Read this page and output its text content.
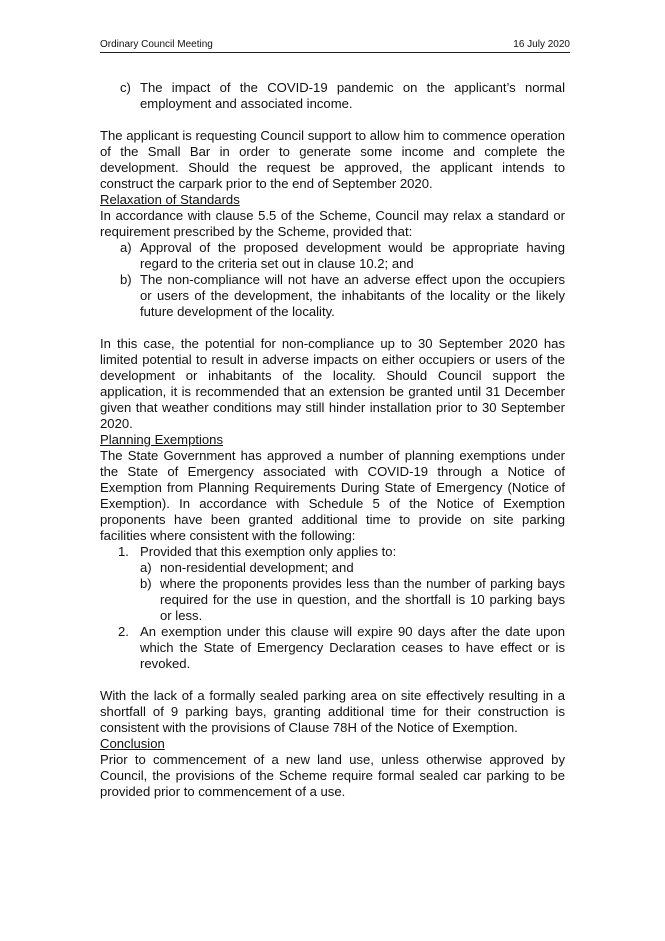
Ordinary Council Meeting	16 July 2020
c) The impact of the COVID-19 pandemic on the applicant’s normal employment and associated income.

The applicant is requesting Council support to allow him to commence operation of the Small Bar in order to generate some income and complete the development. Should the request be approved, the applicant intends to construct the carpark prior to the end of September 2020.

Relaxation of Standards

In accordance with clause 5.5 of the Scheme, Council may relax a standard or requirement prescribed by the Scheme, provided that:

a) Approval of the proposed development would be appropriate having regard to the criteria set out in clause 10.2; and
b) The non-compliance will not have an adverse effect upon the occupiers or users of the development, the inhabitants of the locality or the likely future development of the locality.

In this case, the potential for non-compliance up to 30 September 2020 has limited potential to result in adverse impacts on either occupiers or users of the development or inhabitants of the locality. Should Council support the application, it is recommended that an extension be granted until 31 December given that weather conditions may still hinder installation prior to 30 September 2020.

Planning Exemptions

The State Government has approved a number of planning exemptions under the State of Emergency associated with COVID-19 through a Notice of Exemption from Planning Requirements During State of Emergency (Notice of Exemption). In accordance with Schedule 5 of the Notice of Exemption proponents have been granted additional time to provide on site parking facilities where consistent with the following:

1. Provided that this exemption only applies to:
a) non-residential development; and
b) where the proponents provides less than the number of parking bays required for the use in question, and the shortfall is 10 parking bays or less.
2. An exemption under this clause will expire 90 days after the date upon which the State of Emergency Declaration ceases to have effect or is revoked.

With the lack of a formally sealed parking area on site effectively resulting in a shortfall of 9 parking bays, granting additional time for their construction is consistent with the provisions of Clause 78H of the Notice of Exemption.

Conclusion

Prior to commencement of a new land use, unless otherwise approved by Council, the provisions of the Scheme require formal sealed car parking to be provided prior to commencement of a use.
